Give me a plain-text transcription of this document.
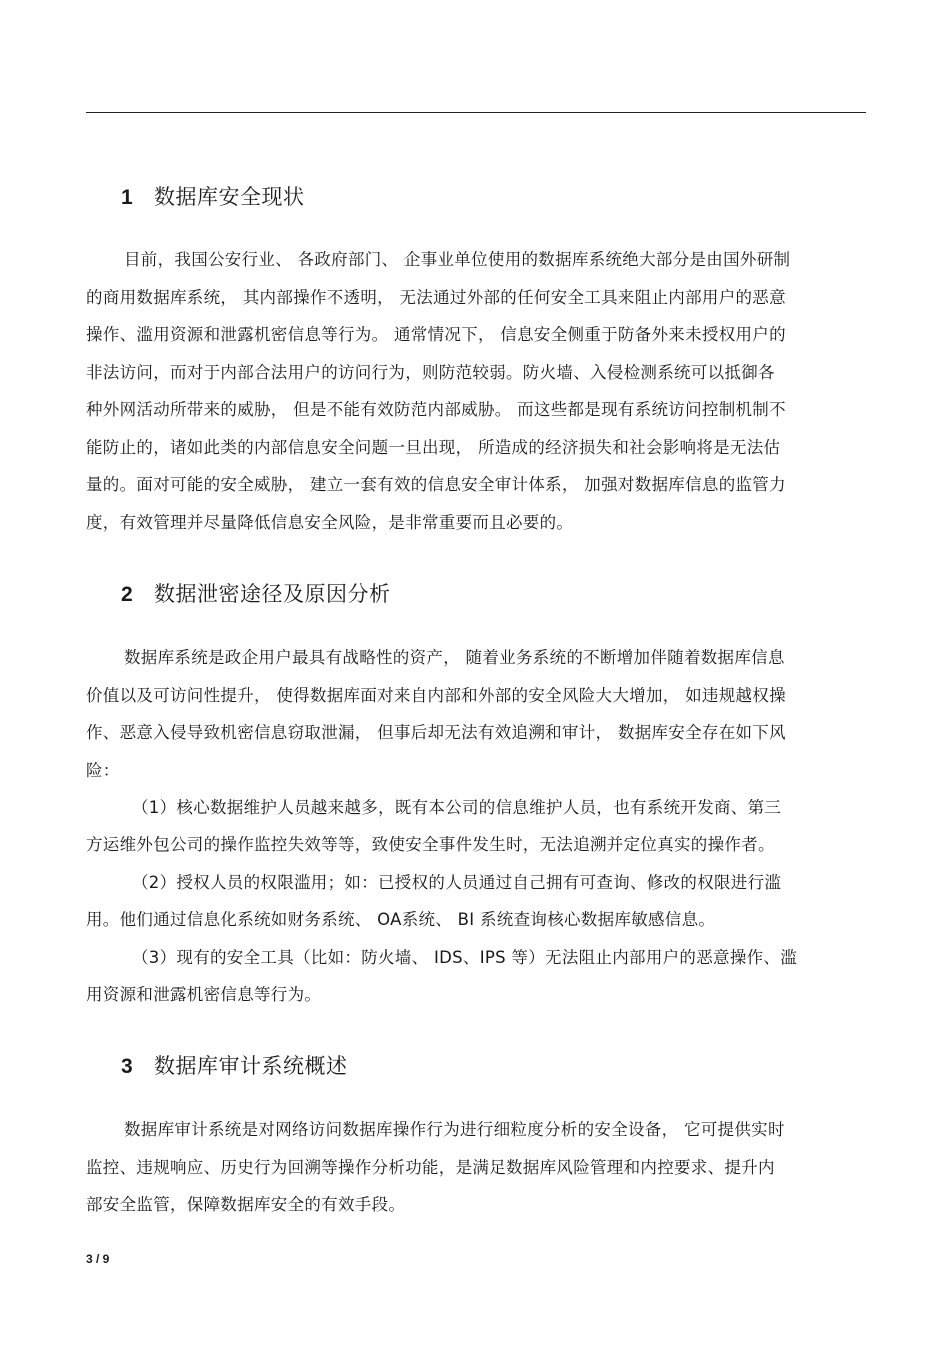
1 数据库安全现状
目前，我国公安行业、 各政府部门、 企事业单位使用的数据库系统绝大部分是由国外研制
的商用数据库系统， 其内部操作不透明， 无法通过外部的任何安全工具来阻止内部用户的恶意
操作、滥用资源和泄露机密信息等行为。 通常情况下， 信息安全侧重于防备外来未授权用户的
非法访问，而对于内部合法用户的访问行为，则防范较弱。防火墙、入侵检测系统可以抵御各
种外网活动所带来的威胁， 但是不能有效防范内部威胁。 而这些都是现有系统访问控制机制不
能防止的，诸如此类的内部信息安全问题一旦出现， 所造成的经济损失和社会影响将是无法估
量的。面对可能的安全威胁， 建立一套有效的信息安全审计体系， 加强对数据库信息的监管力
度，有效管理并尽量降低信息安全风险，是非常重要而且必要的。
2 数据泄密途径及原因分析
数据库系统是政企用户最具有战略性的资产， 随着业务系统的不断增加伴随着数据库信息
价值以及可访问性提升， 使得数据库面对来自内部和外部的安全风险大大增加， 如违规越权操
作、恶意入侵导致机密信息窃取泄漏， 但事后却无法有效追溯和审计， 数据库安全存在如下风
险：
（1）核心数据维护人员越来越多，既有本公司的信息维护人员，也有系统开发商、第三
方运维外包公司的操作监控失效等等，致使安全事件发生时，无法追溯并定位真实的操作者。
（2）授权人员的权限滥用；如：已授权的人员通过自己拥有可查询、修改的权限进行滥
用。他们通过信息化系统如财务系统、 OA系统、 BI 系统查询核心数据库敏感信息。
（3）现有的安全工具（比如：防火墙、 IDS、IPS 等）无法阻止内部用户的恶意操作、滥
用资源和泄露机密信息等行为。
3 数据库审计系统概述
数据库审计系统是对网络访问数据库操作行为进行细粒度分析的安全设备， 它可提供实时
监控、违规响应、历史行为回溯等操作分析功能，是满足数据库风险管理和内控要求、提升内
部安全监管，保障数据库安全的有效手段。
3 / 9
